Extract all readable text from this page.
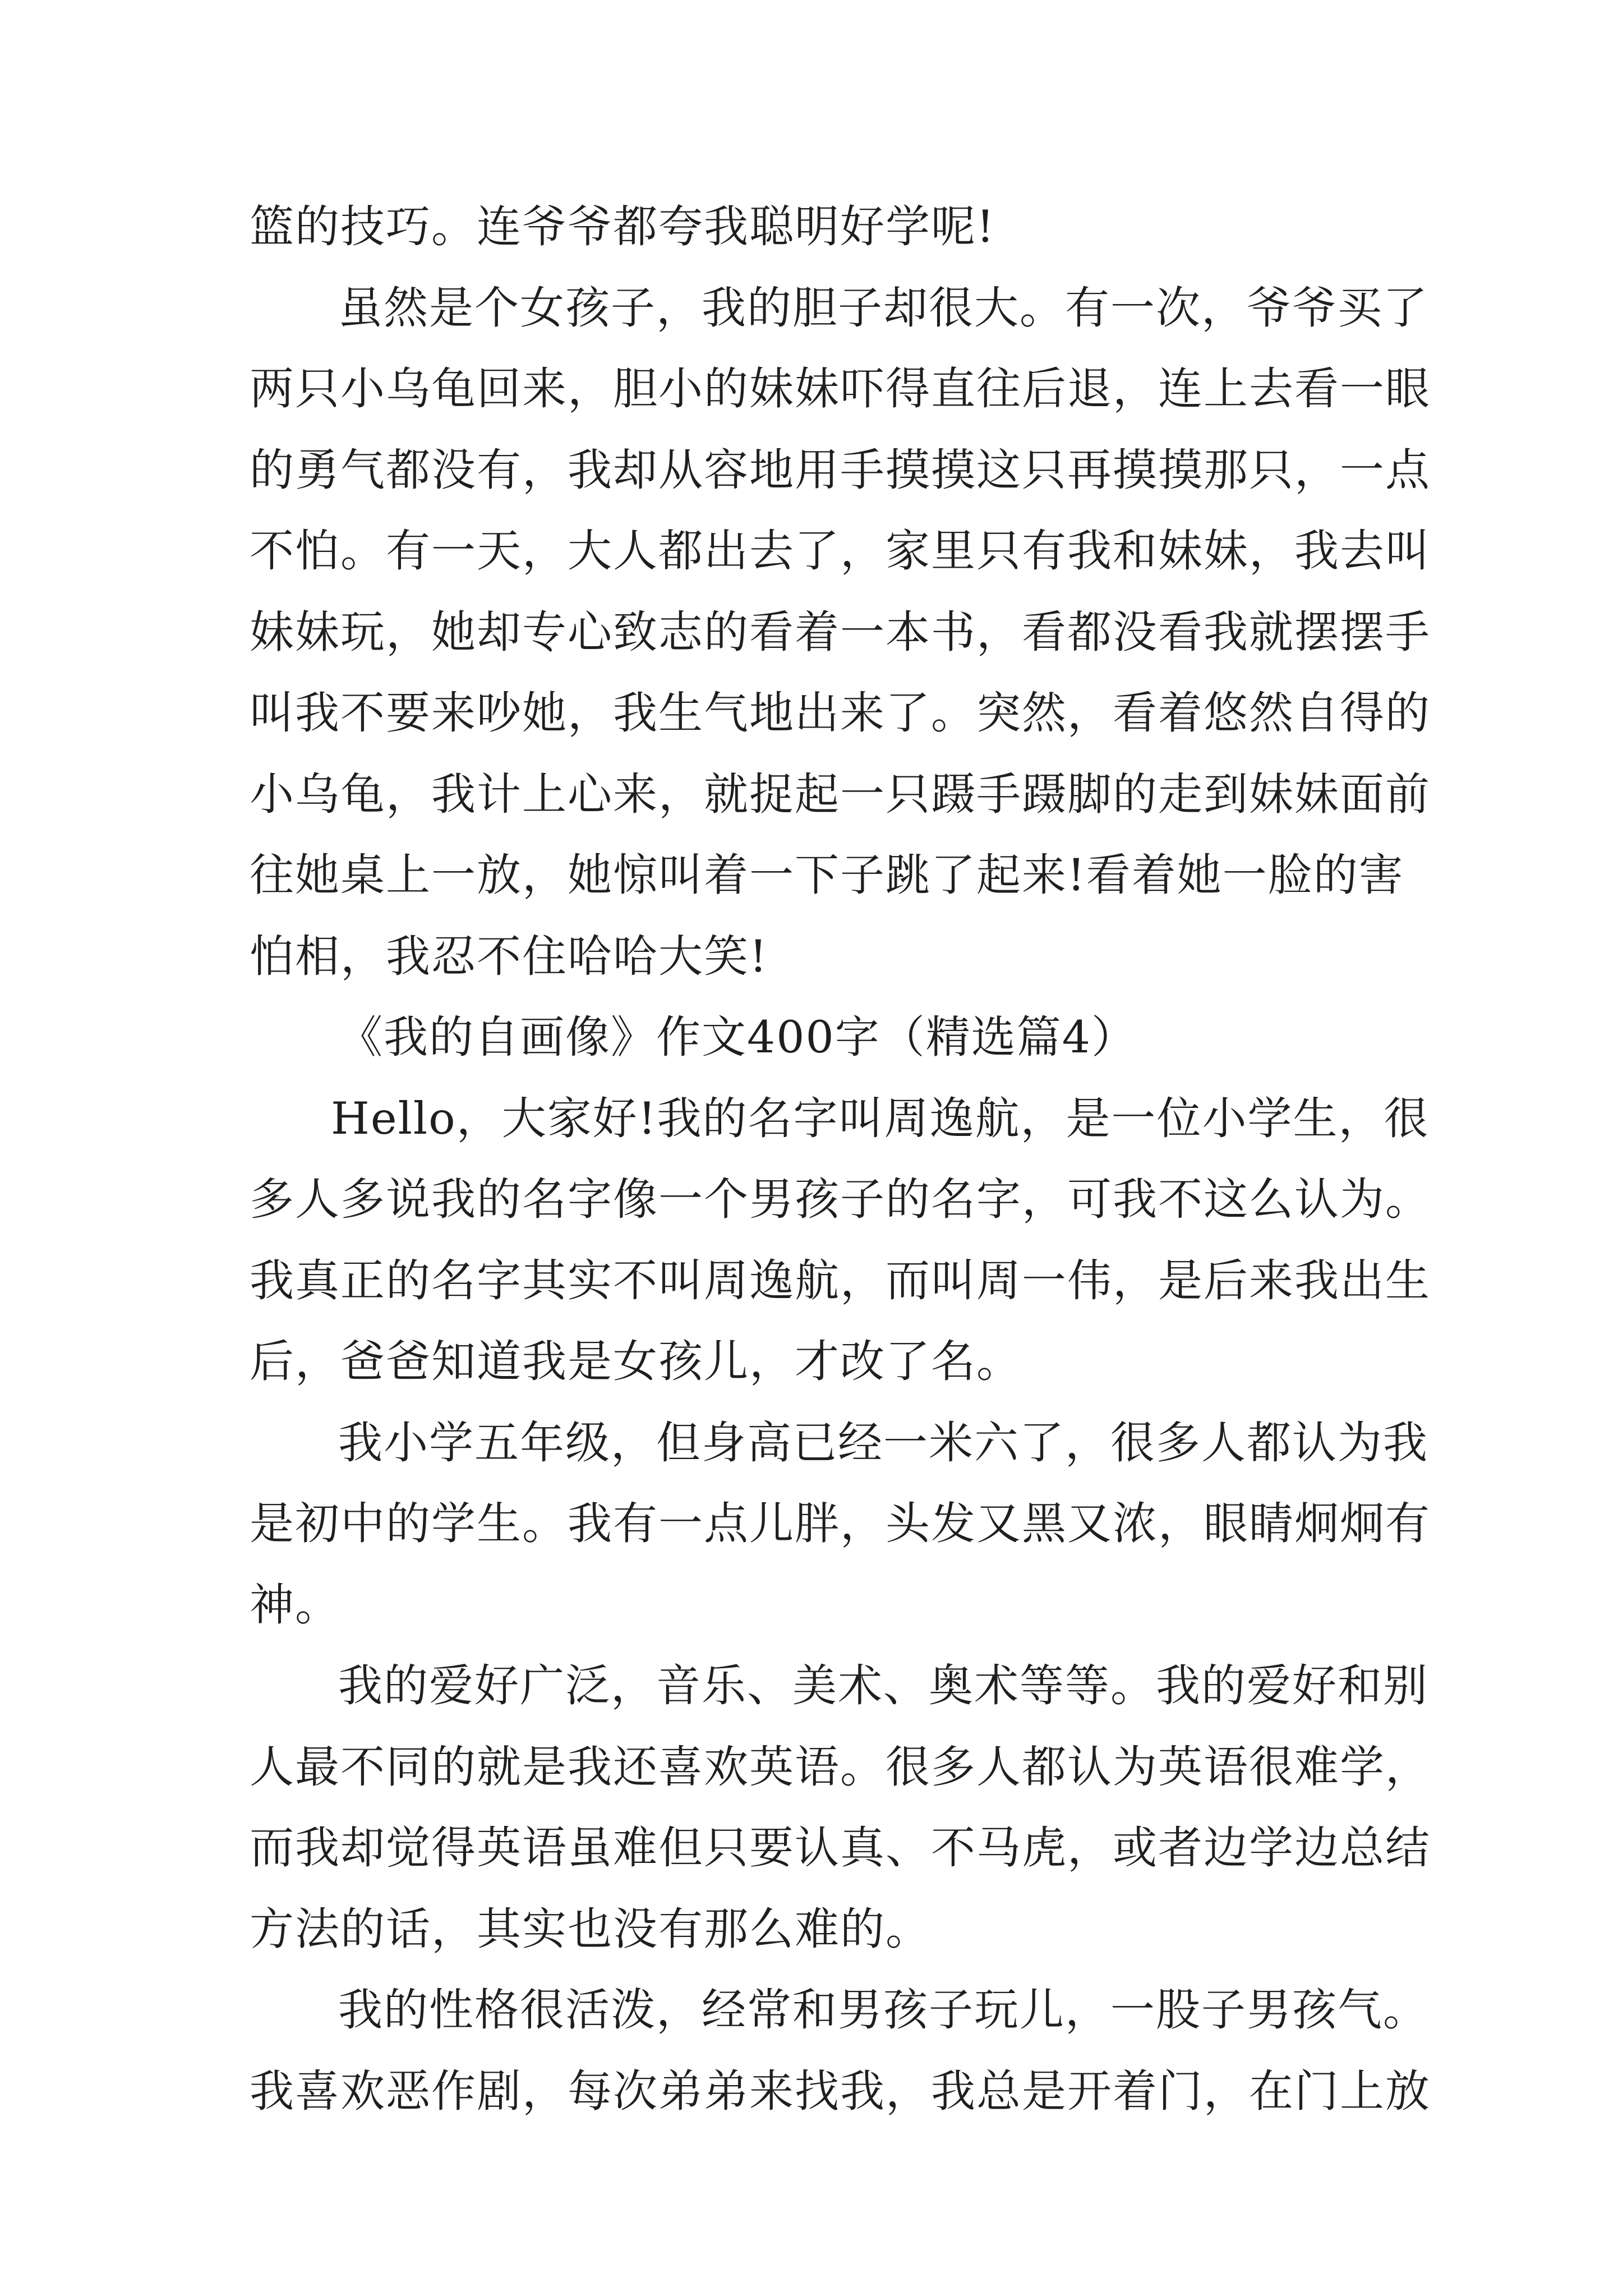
篮的技巧。连爷爷都夸我聪明好学呢!
虽然是个女孩子，我的胆子却很大。有一次，爷爷买了
两只小乌龟回来，胆小的妹妹吓得直往后退，连上去看一眼
的勇气都没有，我却从容地用手摸摸这只再摸摸那只，一点
不怕。有一天，大人都出去了，家里只有我和妹妹，我去叫
妹妹玩，她却专心致志的看着一本书，看都没看我就摆摆手
叫我不要来吵她，我生气地出来了。突然，看着悠然自得的
小乌龟，我计上心来，就捉起一只蹑手蹑脚的走到妹妹面前
往她桌上一放，她惊叫着一下子跳了起来!看着她一脸的害
怕相，我忍不住哈哈大笑!
《我的自画像》作文400字（精选篇4）
Hello，大家好!我的名字叫周逸航，是一位小学生，很
多人多说我的名字像一个男孩子的名字，可我不这么认为。
我真正的名字其实不叫周逸航，而叫周一伟，是后来我出生
后，爸爸知道我是女孩儿，才改了名。
我小学五年级，但身高已经一米六了，很多人都认为我
是初中的学生。我有一点儿胖，头发又黑又浓，眼睛炯炯有
神。
我的爱好广泛，音乐、美术、奥术等等。我的爱好和别
人最不同的就是我还喜欢英语。很多人都认为英语很难学，
而我却觉得英语虽难但只要认真、不马虎，或者边学边总结
方法的话，其实也没有那么难的。
我的性格很活泼，经常和男孩子玩儿，一股子男孩气。
我喜欢恶作剧，每次弟弟来找我，我总是开着门，在门上放
